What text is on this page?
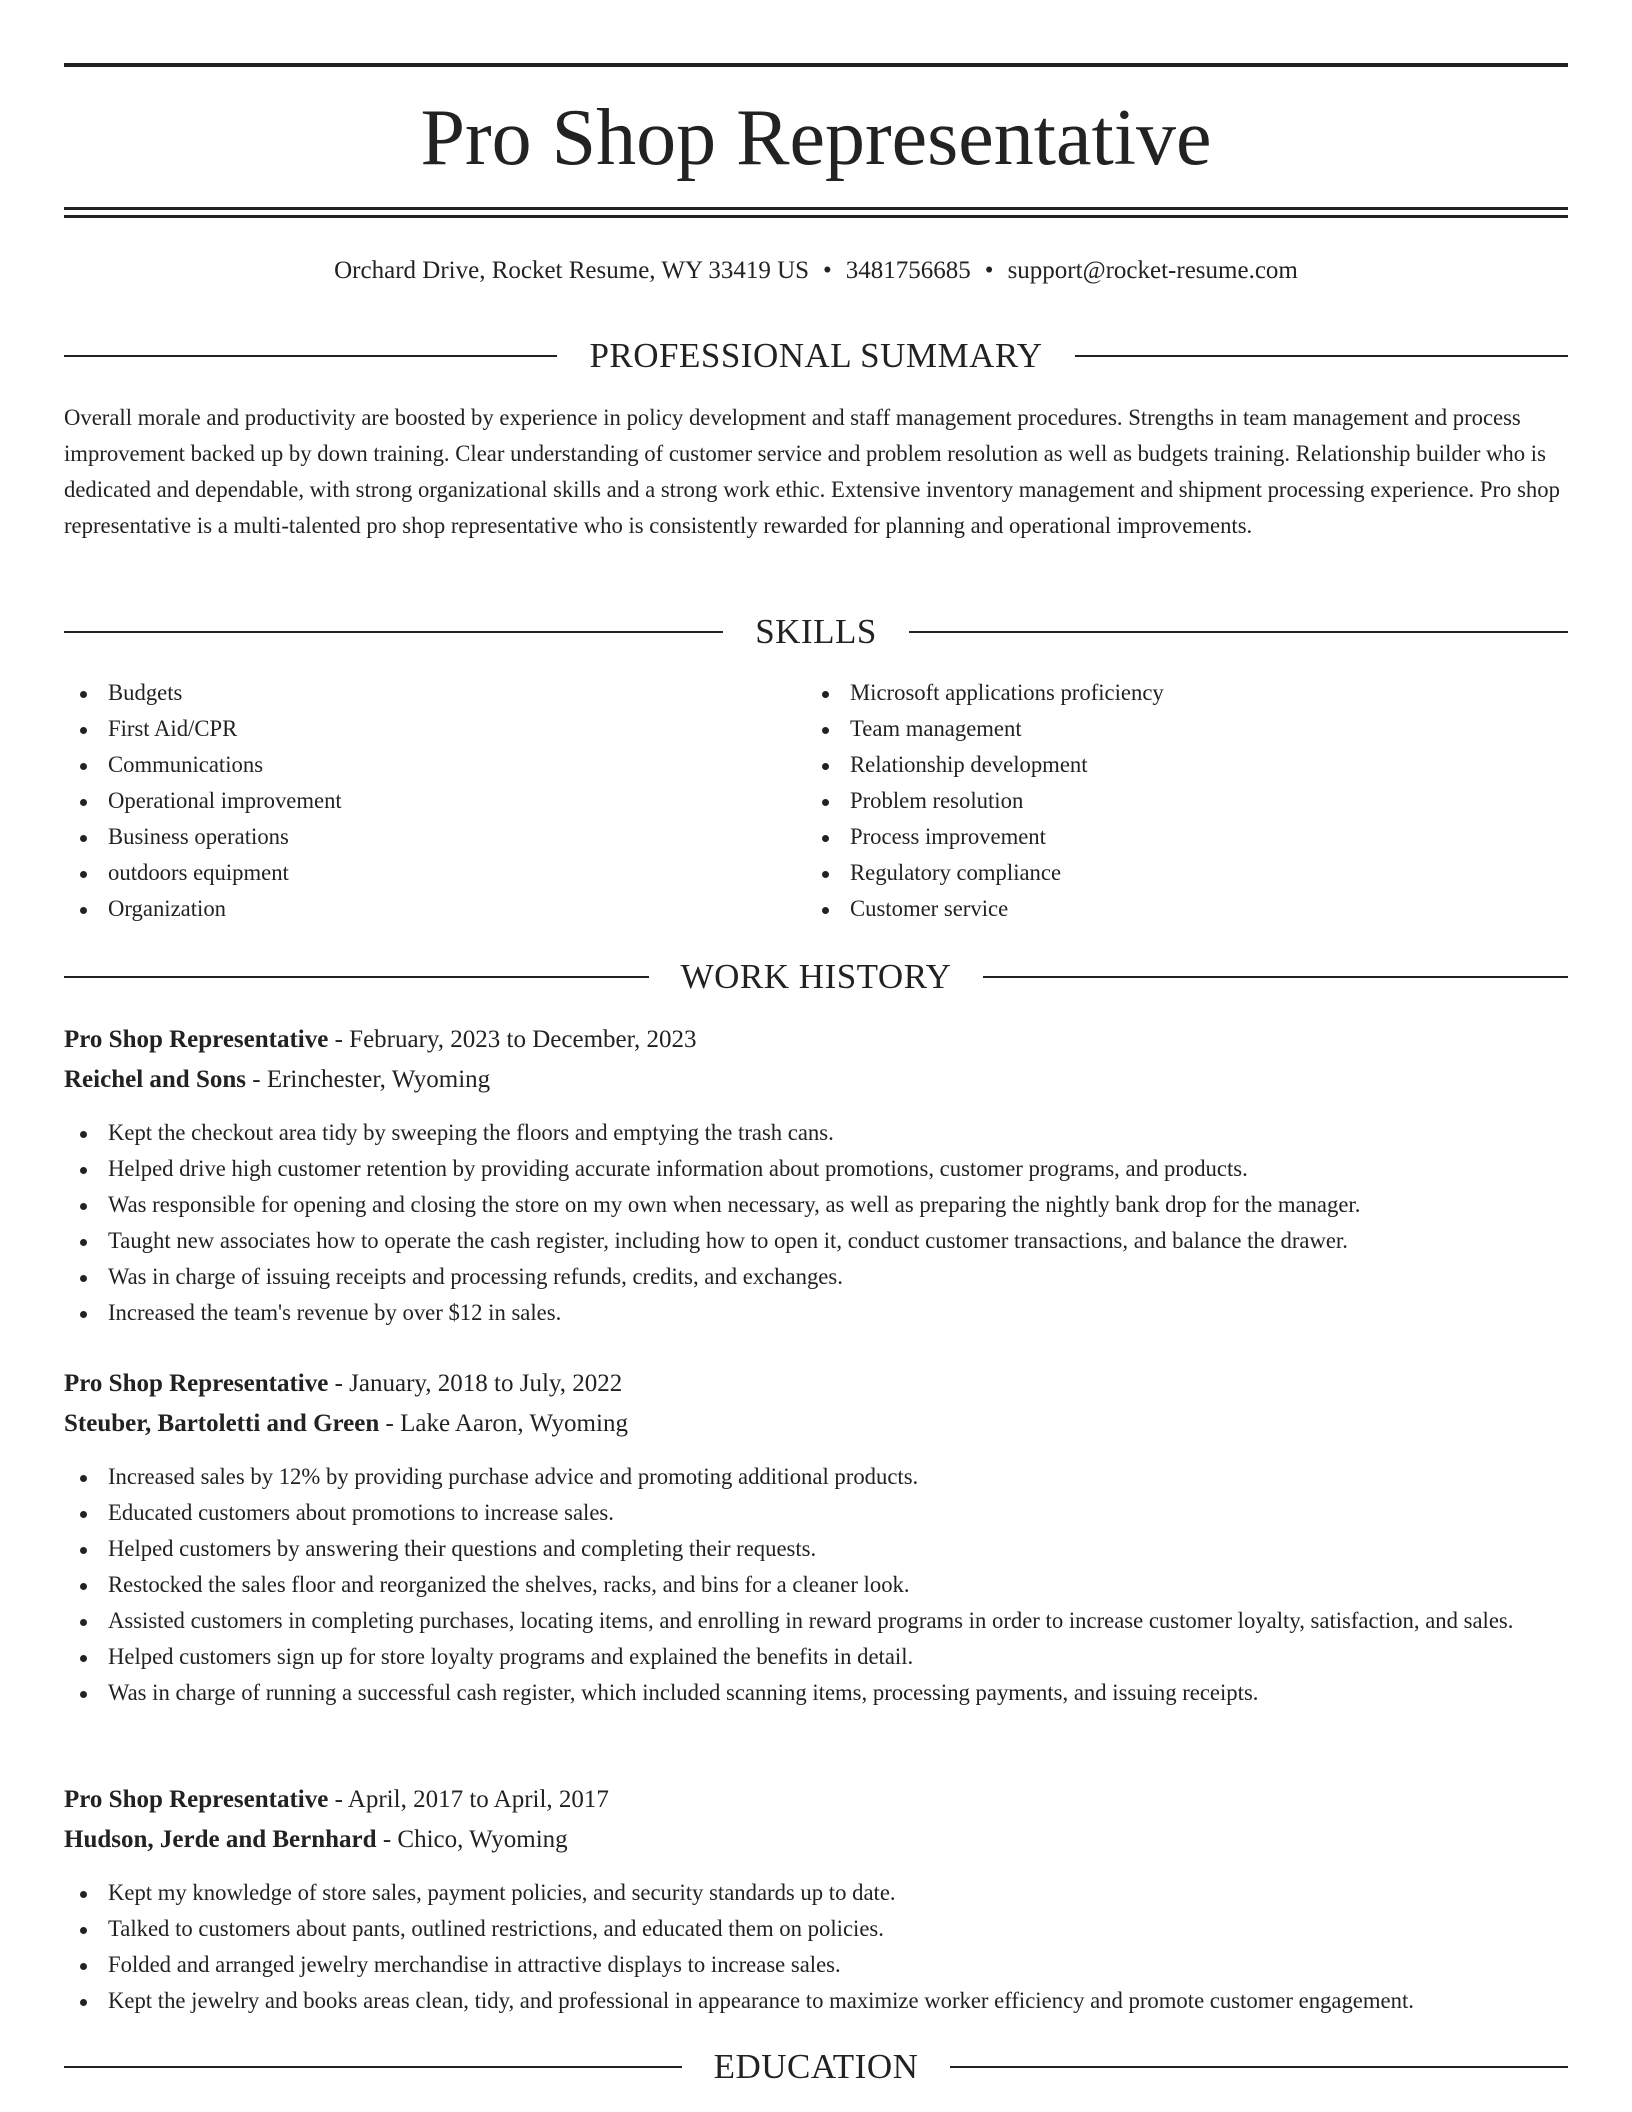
Pro Shop Representative
Orchard Drive, Rocket Resume, WY 33419 US • 3481756685 • support@rocket-resume.com
PROFESSIONAL SUMMARY

Overall morale and productivity are boosted by experience in policy development and staff management procedures. Strengths in team management and process improvement backed up by down training. Clear understanding of customer service and problem resolution as well as budgets training. Relationship builder who is dedicated and dependable, with strong organizational skills and a strong work ethic. Extensive inventory management and shipment processing experience. Pro shop representative is a multi-talented pro shop representative who is consistently rewarded for planning and operational improvements.

SKILLS
Budgets
First Aid/CPR
Communications
Operational improvement
Business operations
outdoors equipment
Organization
Microsoft applications proficiency
Team management
Relationship development
Problem resolution
Process improvement
Regulatory compliance
Customer service
WORK HISTORY
Pro Shop Representative - February, 2023 to December, 2023
Reichel and Sons - Erinchester, Wyoming
Kept the checkout area tidy by sweeping the floors and emptying the trash cans.
Helped drive high customer retention by providing accurate information about promotions, customer programs, and products.
Was responsible for opening and closing the store on my own when necessary, as well as preparing the nightly bank drop for the manager.
Taught new associates how to operate the cash register, including how to open it, conduct customer transactions, and balance the drawer.
Was in charge of issuing receipts and processing refunds, credits, and exchanges.
Increased the team's revenue by over $12 in sales.
Pro Shop Representative - January, 2018 to July, 2022
Steuber, Bartoletti and Green - Lake Aaron, Wyoming
Increased sales by 12% by providing purchase advice and promoting additional products.
Educated customers about promotions to increase sales.
Helped customers by answering their questions and completing their requests.
Restocked the sales floor and reorganized the shelves, racks, and bins for a cleaner look.
Assisted customers in completing purchases, locating items, and enrolling in reward programs in order to increase customer loyalty, satisfaction, and sales.
Helped customers sign up for store loyalty programs and explained the benefits in detail.
Was in charge of running a successful cash register, which included scanning items, processing payments, and issuing receipts.
Pro Shop Representative - April, 2017 to April, 2017
Hudson, Jerde and Bernhard - Chico, Wyoming
Kept my knowledge of store sales, payment policies, and security standards up to date.
Talked to customers about pants, outlined restrictions, and educated them on policies.
Folded and arranged jewelry merchandise in attractive displays to increase sales.
Kept the jewelry and books areas clean, tidy, and professional in appearance to maximize worker efficiency and promote customer engagement.
EDUCATION
